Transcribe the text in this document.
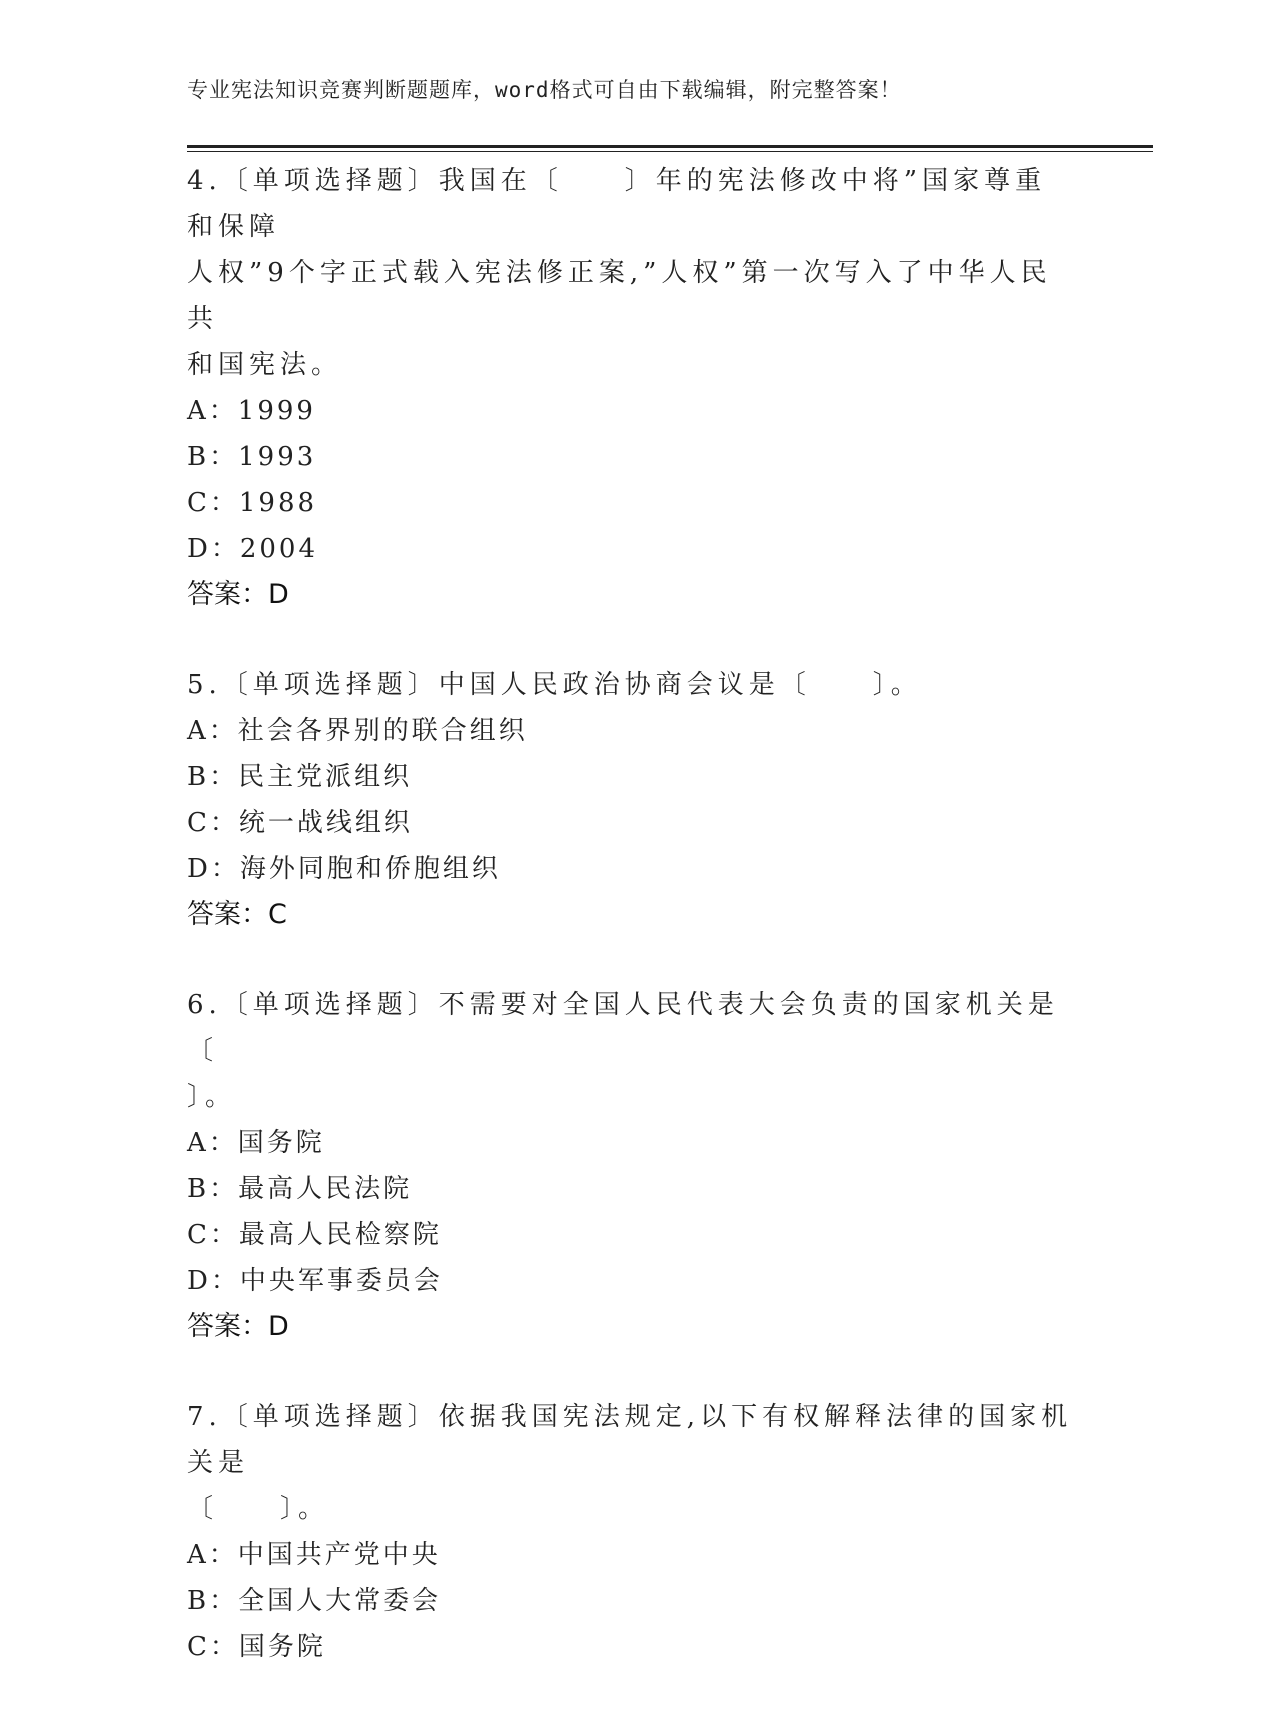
专业宪法知识竞赛判断题题库，word格式可自由下载编辑，附完整答案！
4.〔单项选择题〕我国在〔　　〕年的宪法修改中将”国家尊重和保障
人权”9个字正式载入宪法修正案,”人权”第一次写入了中华人民共
和国宪法。
A：1999
B：1993
C：1988
D：2004
答案：D
5.〔单项选择题〕中国人民政治协商会议是〔　　〕。
A：社会各界别的联合组织
B：民主党派组织
C：统一战线组织
D：海外同胞和侨胞组织
答案：C
6.〔单项选择题〕不需要对全国人民代表大会负责的国家机关是〔
〕。
A：国务院
B：最高人民法院
C：最高人民检察院
D：中央军事委员会
答案：D
7.〔单项选择题〕依据我国宪法规定,以下有权解释法律的国家机关是
〔　　〕。
A：中国共产党中央
B：全国人大常委会
C：国务院
